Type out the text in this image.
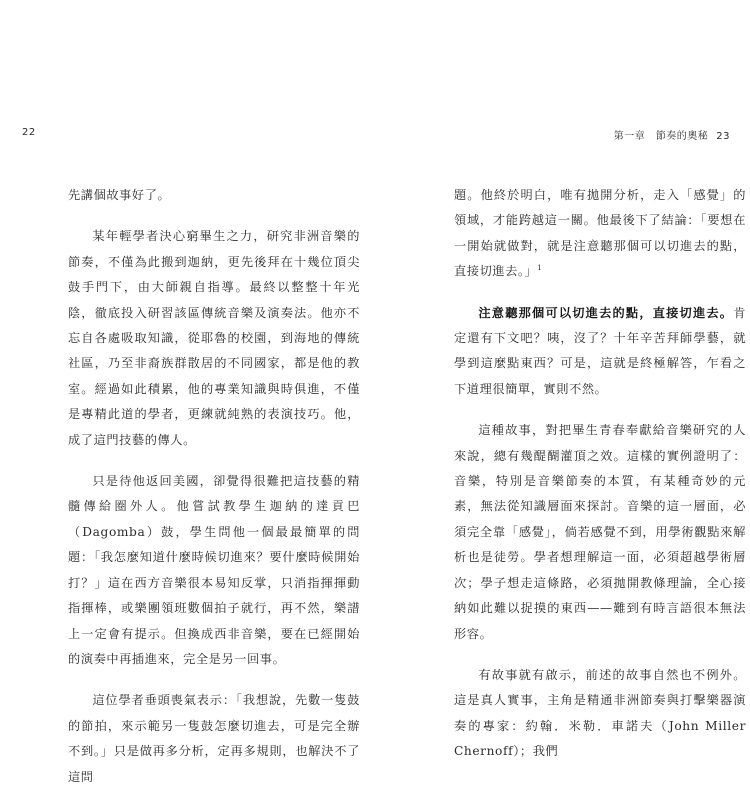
22

先講個故事好了。

某年輕學者決心窮畢生之力，研究非洲音樂的節奏，不僅為此搬到迦納，更先後拜在十幾位頂尖鼓手門下，由大師親自指導。最終以整整十年光陰，徹底投入研習該區傳統音樂及演奏法。他亦不忘自各處吸取知識，從耶魯的校園，到海地的傳統社區，乃至非裔族群散居的不同國家，都是他的教室。經過如此積累，他的專業知識與時俱進，不僅是專精此道的學者，更練就純熟的表演技巧。他，成了這門技藝的傳人。

只是待他返回美國，卻覺得很難把這技藝的精髓傳給圈外人。他嘗試教學生迦納的達貢巴（Dagomba）鼓，學生問他一個最最簡單的問題：「我怎麼知道什麼時候切進來？要什麼時候開始打？」這在西方音樂很本易知反掌，只消指揮揮動指揮棒，或樂團領班數個拍子就行，再不然，樂譜上一定會有提示。但換成西非音樂，要在已經開始的演奏中再插進來，完全是另一回事。

這位學者垂頭喪氣表示：「我想說，先數一隻鼓的節拍，來示範另一隻鼓怎麼切進去，可是完全辦不到。」只是做再多分析，定再多規則，也解決不了這問

第一章　節奏的奧秘 23

題。他終於明白，唯有拋開分析，走入「感覺」的領域，才能跨越這一關。他最後下了結論：「要想在一開始就做對，就是注意聽那個可以切進去的點，直接切進去。」$^1$

注意聽那個可以切進去的點，直接切進去。肯定還有下文吧？咦，沒了？十年辛苦拜師學藝，就學到這麼點東西？可是，這就是終極解答，乍看之下道理很簡單，實則不然。

這種故事，對把畢生青春奉獻給音樂研究的人來說，總有幾醍醐灌頂之效。這樣的實例證明了：音樂，特別是音樂節奏的本質，有某種奇妙的元素，無法從知識層面來探討。音樂的這一層面，必須完全靠「感覺」，倘若感覺不到，用學術觀點來解析也是徒勞。學者想理解這一面，必須超越學術層次；學子想走這條路，必須拋開教條理論，全心接納如此難以捉摸的東西——難到有時言語很本無法形容。

有故事就有啟示，前述的故事自然也不例外。這是真人實事，主角是精通非洲節奏與打擊樂器演奏的專家：約翰．米勒．車諾夫（John Miller Chernoff）；我們
